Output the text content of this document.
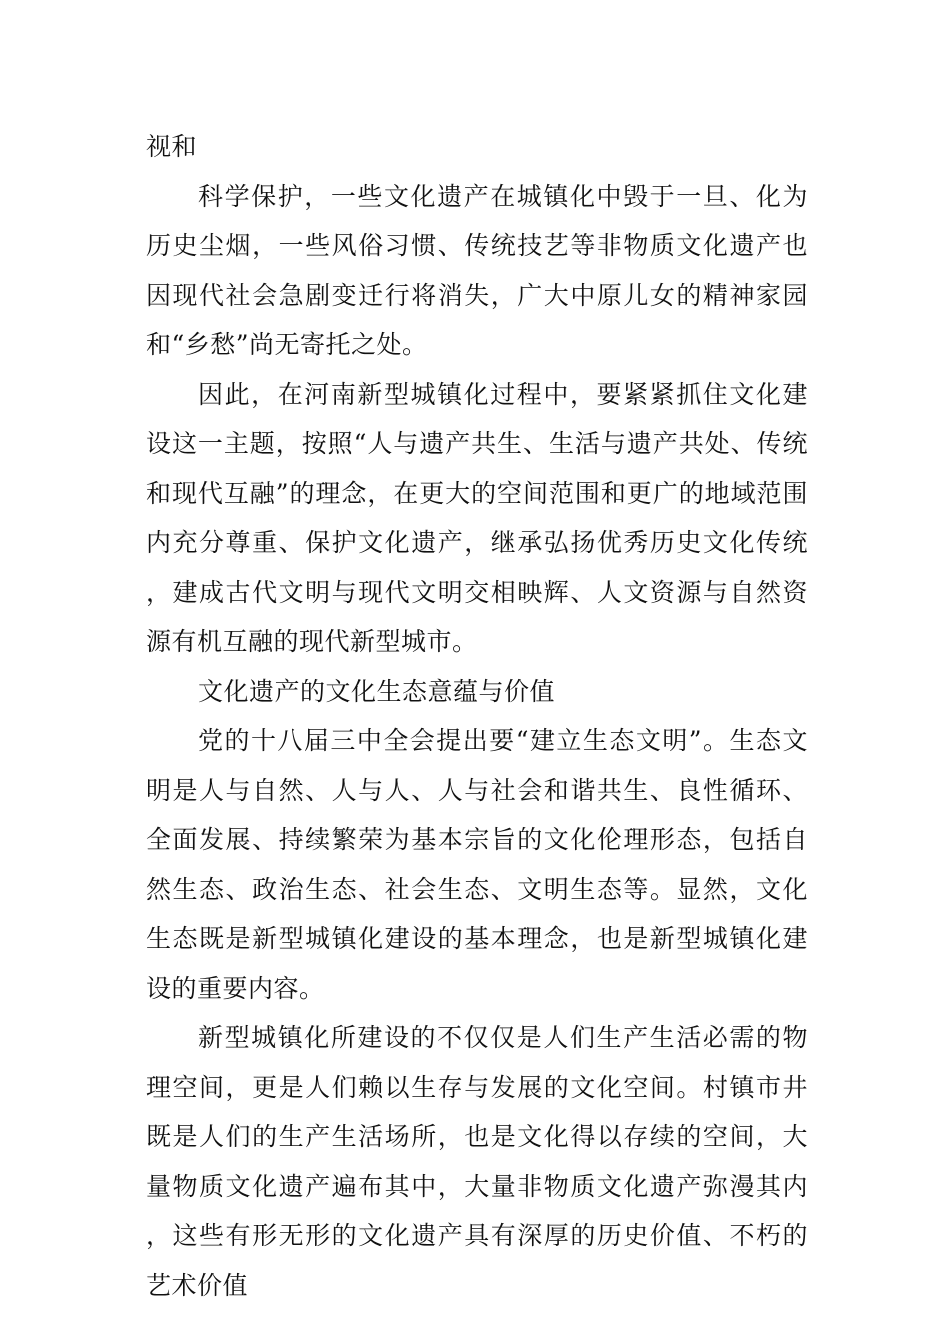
视和

科学保护，一些文化遗产在城镇化中毁于一旦、化为历史尘烟，一些风俗习惯、传统技艺等非物质文化遗产也因现代社会急剧变迁行将消失，广大中原儿女的精神家园和“乡愁”尚无寄托之处。

因此，在河南新型城镇化过程中，要紧紧抓住文化建设这一主题，按照“人与遗产共生、生活与遗产共处、传统和现代互融”的理念，在更大的空间范围和更广的地域范围内充分尊重、保护文化遗产，继承弘扬优秀历史文化传统，建成古代文明与现代文明交相映辉、人文资源与自然资源有机互融的现代新型城市。

文化遗产的文化生态意蕴与价值

党的十八届三中全会提出要“建立生态文明”。生态文明是人与自然、人与人、人与社会和谐共生、良性循环、全面发展、持续繁荣为基本宗旨的文化伦理形态，包括自然生态、政治生态、社会生态、文明生态等。显然，文化生态既是新型城镇化建设的基本理念，也是新型城镇化建设的重要内容。

新型城镇化所建设的不仅仅是人们生产生活必需的物理空间，更是人们赖以生存与发展的文化空间。村镇市井既是人们的生产生活场所，也是文化得以存续的空间，大量物质文化遗产遍布其中，大量非物质文化遗产弥漫其内，这些有形无形的文化遗产具有深厚的历史价值、不朽的艺术价值
